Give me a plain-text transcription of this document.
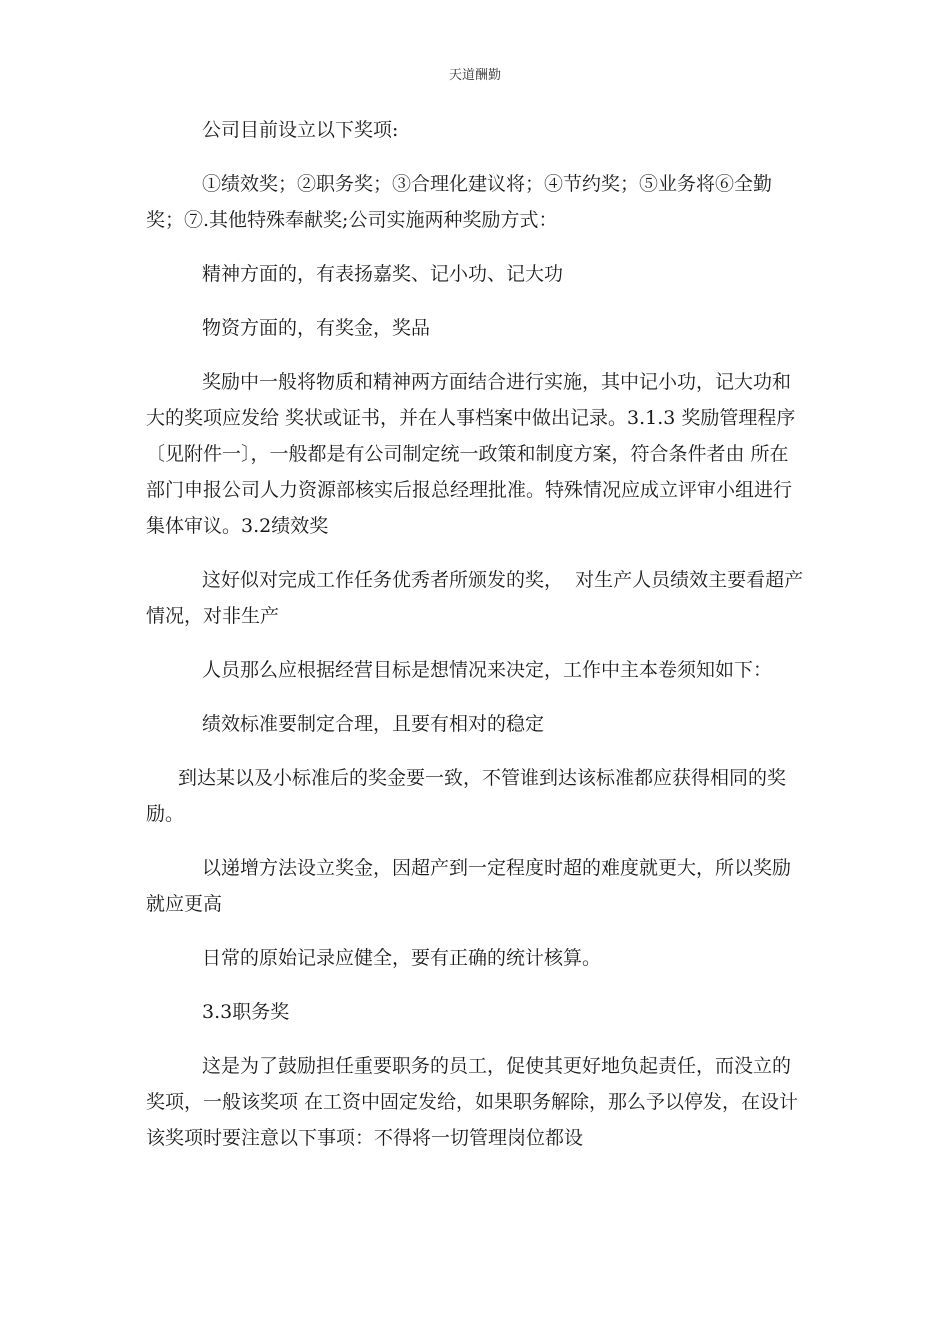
天道酬勤

公司目前设立以下奖项:

①绩效奖；②职务奖；③合理化建议将；④节约奖；⑤业务将⑥全勤奖；⑦.其他特殊奉献奖;公司实施两种奖励方式：

精神方面的，有表扬嘉奖、记小功、记大功

物资方面的，有奖金，奖品

奖励中一般将物质和精神两方面结合进行实施，其中记小功，记大功和大的奖项应发给 奖状或证书，并在人事档案中做出记录。3.1.3 奖励管理程序〔见附件一〕，一般都是有公司制定统一政策和制度方案，符合条件者由 所在部门申报公司人力资源部核实后报总经理批准。特殊情况应成立评审小组进行集体审议。3.2绩效奖

这好似对完成工作任务优秀者所颁发的奖，  对生产人员绩效主要看超产情况，对非生产

人员那么应根据经营目标是想情况来决定，工作中主本卷须知如下：

绩效标准要制定合理，且要有相对的稳定

到达某以及小标准后的奖金要一致，不管谁到达该标准都应获得相同的奖励。

以递增方法设立奖金，因超产到一定程度时超的难度就更大，所以奖励就应更高

日常的原始记录应健全，要有正确的统计核算。

3.3职务奖

这是为了鼓励担任重要职务的员工，促使其更好地负起责任，而没立的奖项，一般该奖项 在工资中固定发给，如果职务解除，那么予以停发，在设计该奖项时要注意以下事项：不得将一切管理岗位都设
